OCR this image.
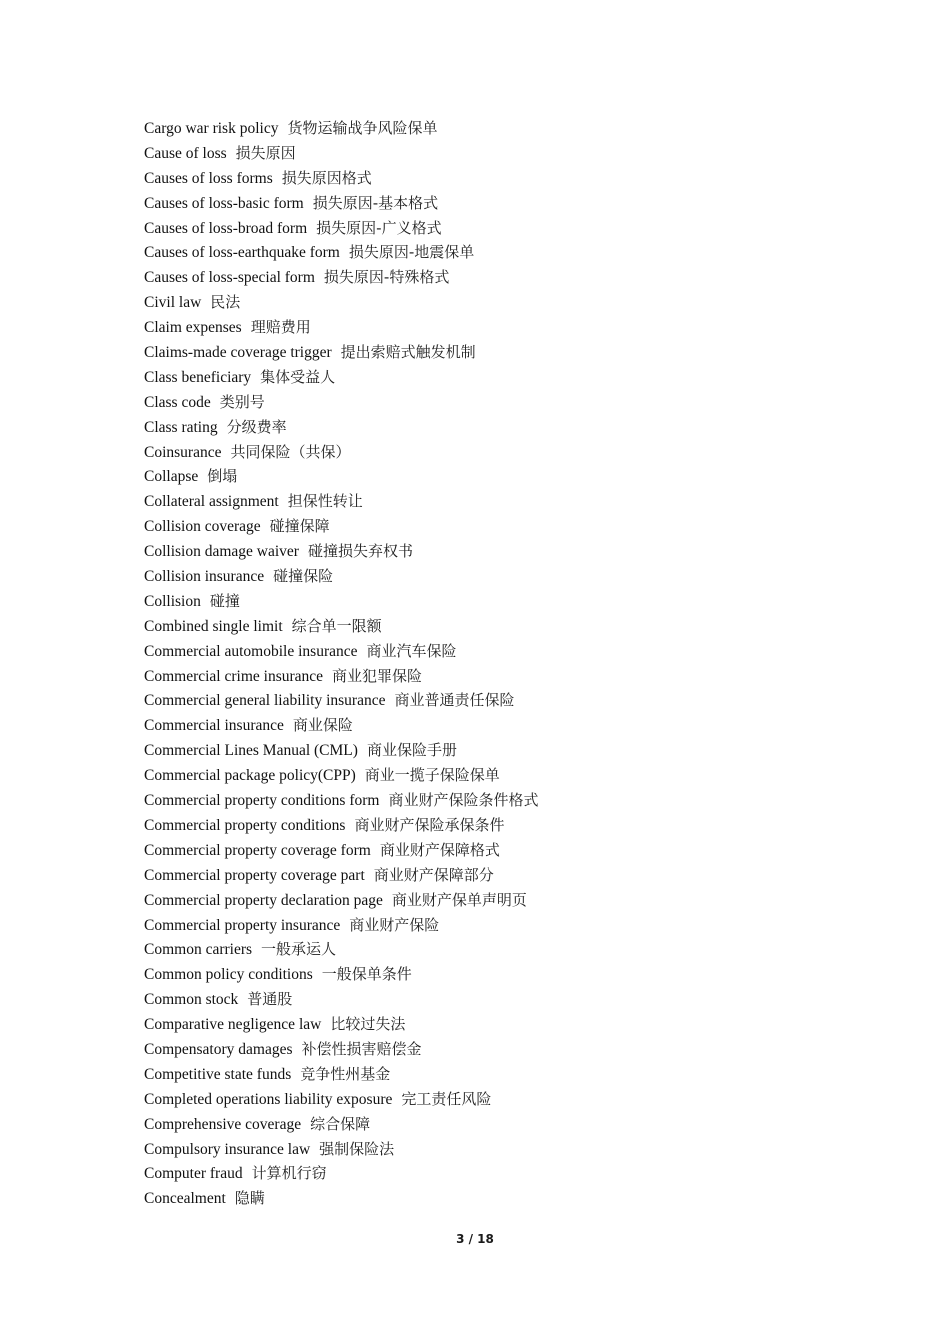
Cargo war risk policy 货物运输战争风险保单
Cause of loss 损失原因
Causes of loss forms 损失原因格式
Causes of loss-basic form 损失原因-基本格式
Causes of loss-broad form 损失原因-广义格式
Causes of loss-earthquake form 损失原因-地震保单
Causes of loss-special form 损失原因-特殊格式
Civil law 民法
Claim expenses 理赔费用
Claims-made coverage trigger 提出索赔式触发机制
Class beneficiary 集体受益人
Class code 类别号
Class rating 分级费率
Coinsurance 共同保险（共保）
Collapse 倒塌
Collateral assignment 担保性转让
Collision coverage 碰撞保障
Collision damage waiver 碰撞损失弃权书
Collision insurance 碰撞保险
Collision 碰撞
Combined single limit 综合单一限额
Commercial automobile insurance 商业汽车保险
Commercial crime insurance 商业犯罪保险
Commercial general liability insurance 商业普通责任保险
Commercial insurance 商业保险
Commercial Lines Manual (CML) 商业保险手册
Commercial package policy(CPP) 商业一揽子保险保单
Commercial property conditions form 商业财产保险条件格式
Commercial property conditions 商业财产保险承保条件
Commercial property coverage form 商业财产保障格式
Commercial property coverage part 商业财产保障部分
Commercial property declaration page 商业财产保单声明页
Commercial property insurance 商业财产保险
Common carriers 一般承运人
Common policy conditions 一般保单条件
Common stock 普通股
Comparative negligence law 比较过失法
Compensatory damages 补偿性损害赔偿金
Competitive state funds 竞争性州基金
Completed operations liability exposure 完工责任风险
Comprehensive coverage 综合保障
Compulsory insurance law 强制保险法
Computer fraud 计算机行窃
Concealment 隐瞒
3 / 18
